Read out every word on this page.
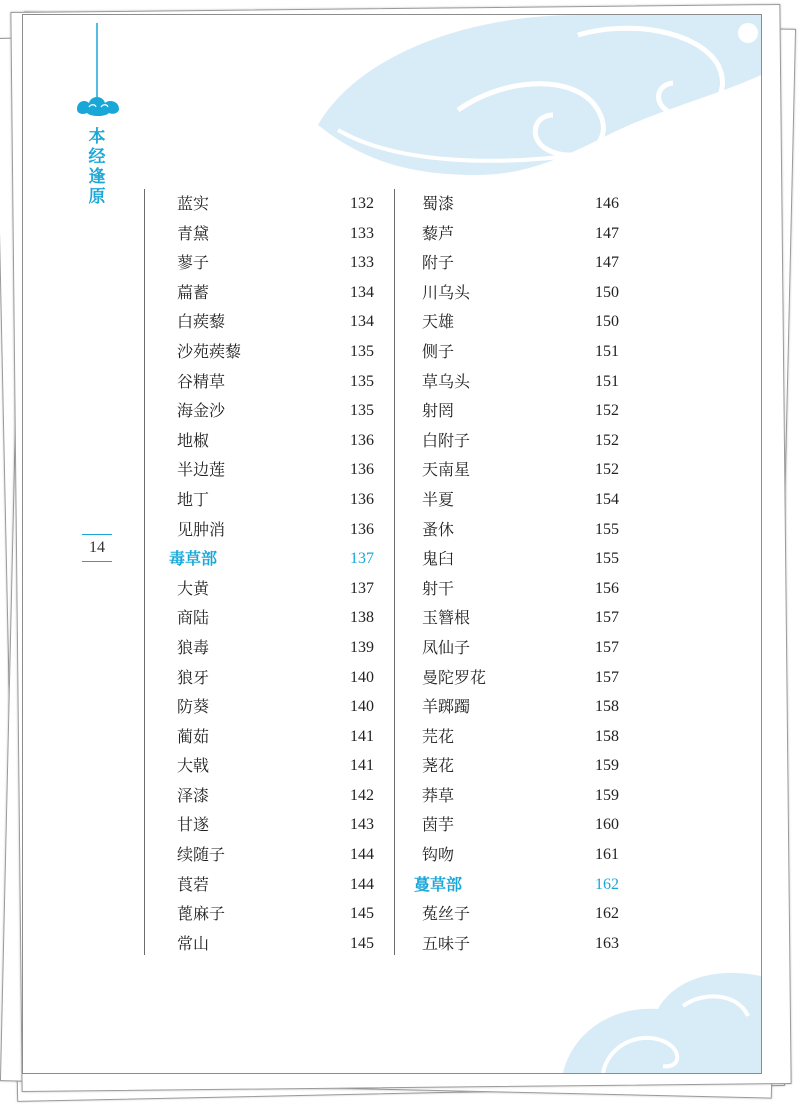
本经逢原
14
蓝实	132
青黛	133
蓼子	133
萹蓄	134
白蒺藜	134
沙苑蒺藜	135
谷精草	135
海金沙	135
地椒	136
半边莲	136
地丁	136
见肿消	136
毒草部	137
大黄	137
商陆	138
狼毒	139
狼牙	140
防葵	140
蔺茹	141
大戟	141
泽漆	142
甘遂	143
续随子	144
莨菪	144
蓖麻子	145
常山	145
蜀漆	146
藜芦	147
附子	147
川乌头	150
天雄	150
侧子	151
草乌头	151
射罔	152
白附子	152
天南星	152
半夏	154
蚤休	155
鬼臼	155
射干	156
玉簪根	157
凤仙子	157
曼陀罗花	157
羊踯躅	158
芫花	158
荛花	159
莽草	159
茵芋	160
钩吻	161
蔓草部	162
菟丝子	162
五味子	163
